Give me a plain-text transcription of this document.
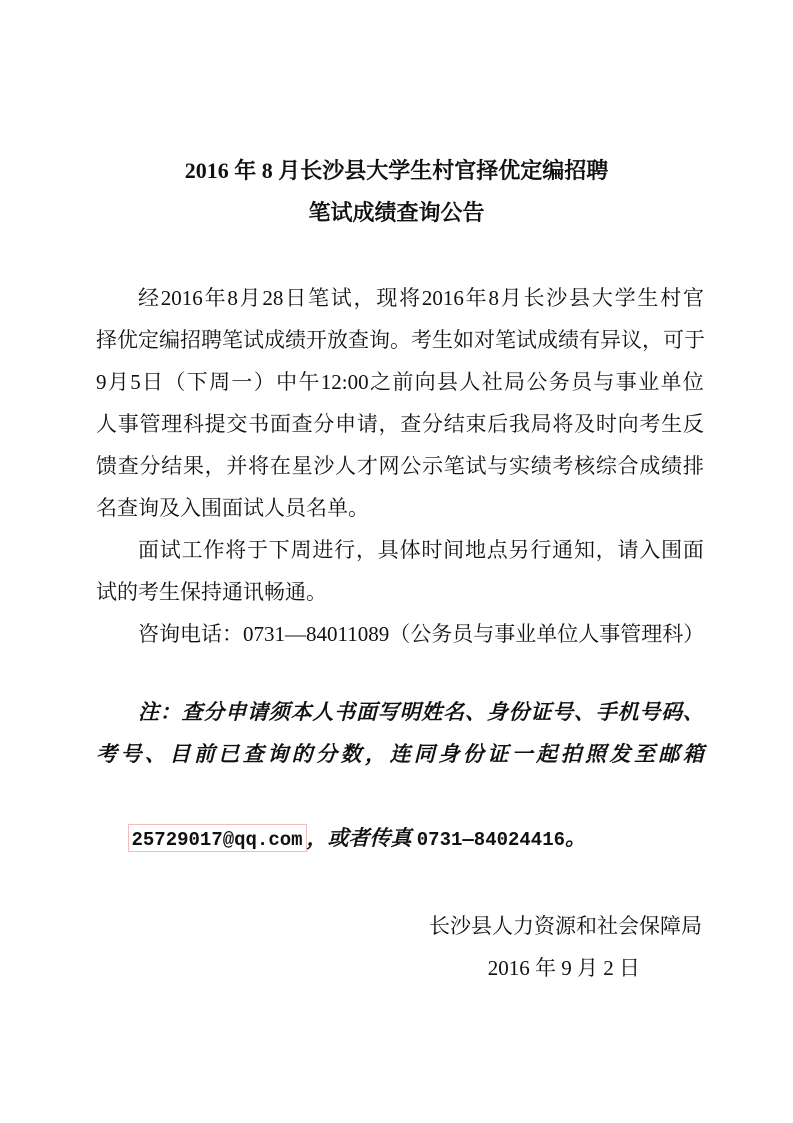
2016 年 8 月长沙县大学生村官择优定编招聘
笔试成绩查询公告
经 2016 年 8 月 28 日 笔 试 ， 现 将 2016 年 8 月 长 沙 县 大 学 生 村 官
择 优 定 编 招 聘 笔 试 成 绩 开 放 查 询 。 考 生 如 对 笔 试 成 绩 有 异 议 ， 可 于
9 月 5 日 （ 下 周 一 ） 中 午 12:00 之 前 向 县 人 社 局 公 务 员 与 事 业 单 位
人 事 管 理 科 提 交 书 面 查 分 申 请 ， 查 分 结 束 后 我 局 将 及 时 向 考 生 反
馈 查 分 结 果 ， 并 将 在 星 沙 人 才 网 公 示 笔 试 与 实 绩 考 核 综 合 成 绩 排
名查询及入围面试人员名单。
面 试 工 作 将 于 下 周 进 行 ， 具 体 时 间 地 点 另 行 通 知 ， 请 入 围 面
试的考生保持通讯畅通。
咨询电话：0731—84011089（公务员与事业单位人事管理科）
注 ： 查 分 申 请 须 本 人 书 面 写 明 姓 名 、 身 份 证 号 、 手 机 号 码 、
考 号 、 目 前 已 查 询 的 分 数 ， 连 同 身 份 证 一 起 拍 照 发 至 邮 箱

25729017@qq.com ，或者传真 0731—84024416。

长沙县人力资源和社会保障局
2016 年 9 月 2 日
